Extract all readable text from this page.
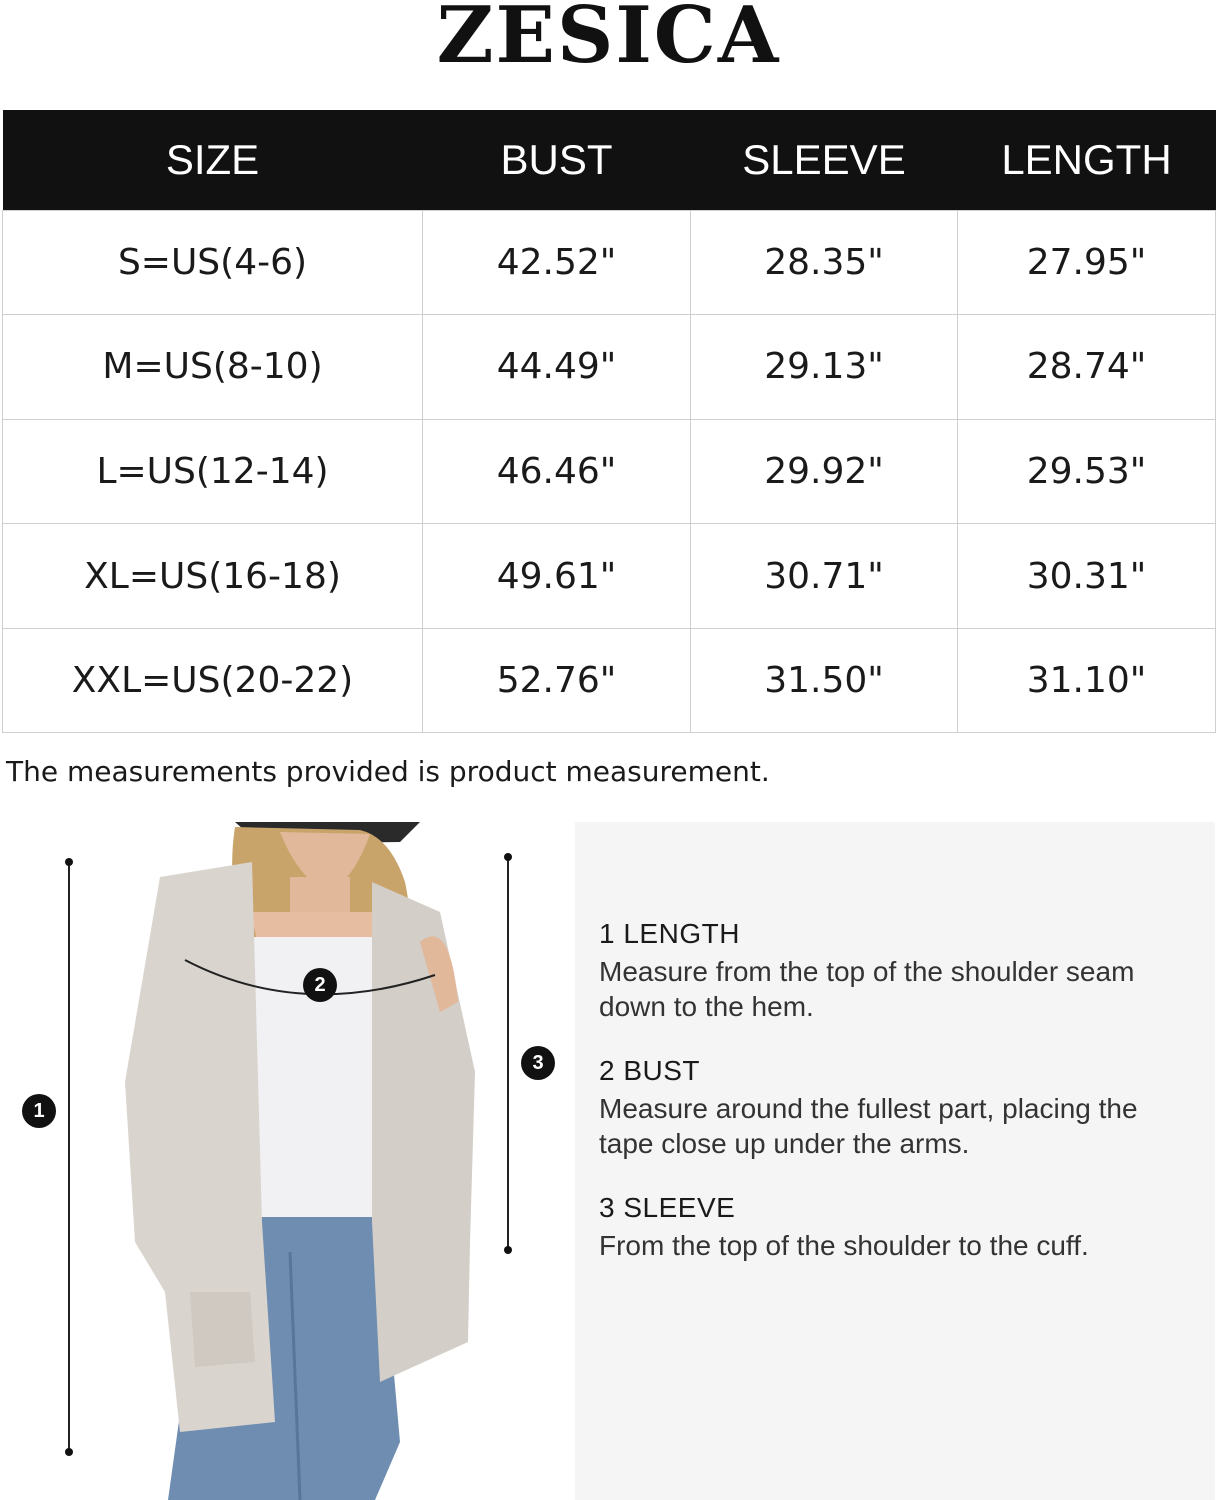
ZESICA
SIZE	BUST	SLEEVE	LENGTH
S=US(4-6)	42.52"	28.35"	27.95"
M=US(8-10)	44.49"	29.13"	28.74"
L=US(12-14)	46.46"	29.92"	29.53"
XL=US(16-18)	49.61"	30.71"	30.31"
XXL=US(20-22)	52.76"	31.50"	31.10"
The measurements provided is product measurement.
1
2
3
1 LENGTH
Measure from the top of the shoulder seam down to the hem.
2 BUST
Measure around the fullest part, placing the tape close up under the arms.
3 SLEEVE
From the top of the shoulder to the cuff.
